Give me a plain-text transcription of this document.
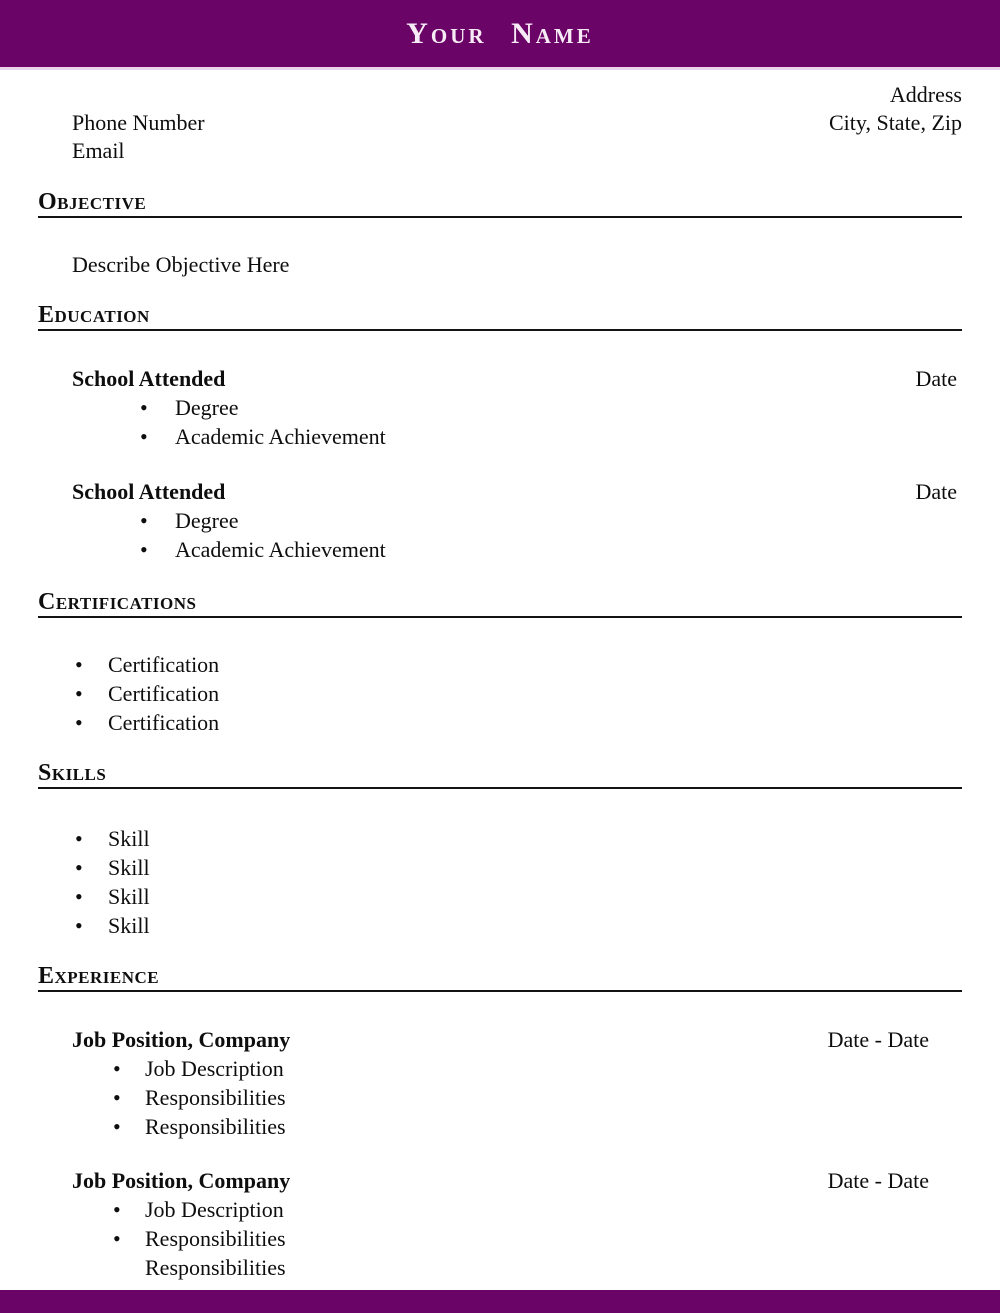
Your Name
Address
Phone Number	City, State, Zip
Email
Objective
Describe Objective Here
Education
School Attended	Date
• Degree
• Academic Achievement
School Attended	Date
• Degree
• Academic Achievement
Certifications
• Certification
• Certification
• Certification
Skills
• Skill
• Skill
• Skill
• Skill
Experience
Job Position, Company	Date - Date
• Job Description
• Responsibilities
• Responsibilities
Job Position, Company	Date - Date
• Job Description
• Responsibilities
Responsibilities
